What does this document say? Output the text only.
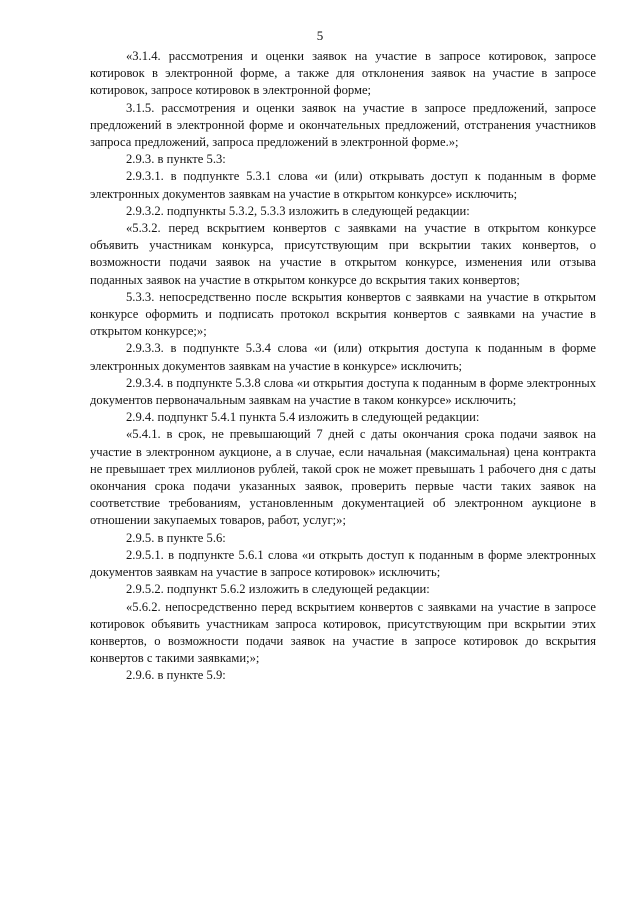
5

«3.1.4. рассмотрения и оценки заявок на участие в запросе котировок, запросе котировок в электронной форме, а также для отклонения заявок на участие в запросе котировок, запросе котировок в электронной форме;

3.1.5. рассмотрения и оценки заявок на участие в запросе предложений, запросе предложений в электронной форме и окончательных предложений, отстранения участников запроса предложений, запроса предложений в электронной форме.»;

2.9.3. в пункте 5.3:

2.9.3.1. в подпункте 5.3.1 слова «и (или) открывать доступ к поданным в форме электронных документов заявкам на участие в открытом конкурсе» исключить;

2.9.3.2. подпункты 5.3.2, 5.3.3 изложить в следующей редакции:

«5.3.2. перед вскрытием конвертов с заявками на участие в открытом конкурсе объявить участникам конкурса, присутствующим при вскрытии таких конвертов, о возможности подачи заявок на участие в открытом конкурсе, изменения или отзыва поданных заявок на участие в открытом конкурсе до вскрытия таких конвертов;

5.3.3. непосредственно после вскрытия конвертов с заявками на участие в открытом конкурсе оформить и подписать протокол вскрытия конвертов с заявками на участие в открытом конкурсе;»;

2.9.3.3. в подпункте 5.3.4 слова «и (или) открытия доступа к поданным в форме электронных документов заявкам на участие в конкурсе» исключить;

2.9.3.4. в подпункте 5.3.8 слова «и открытия доступа к поданным в форме электронных документов первоначальным заявкам на участие в таком конкурсе» исключить;

2.9.4. подпункт 5.4.1 пункта 5.4 изложить в следующей редакции:

«5.4.1. в срок, не превышающий 7 дней с даты окончания срока подачи заявок на участие в электронном аукционе, а в случае, если начальная (максимальная) цена контракта не превышает трех миллионов рублей, такой срок не может превышать 1 рабочего дня с даты окончания срока подачи указанных заявок, проверить первые части таких заявок на соответствие требованиям, установленным документацией об электронном аукционе в отношении закупаемых товаров, работ, услуг;»;

2.9.5. в пункте 5.6:

2.9.5.1. в подпункте 5.6.1 слова «и открыть доступ к поданным в форме электронных документов заявкам на участие в запросе котировок» исключить;

2.9.5.2. подпункт 5.6.2 изложить в следующей редакции:

«5.6.2. непосредственно перед вскрытием конвертов с заявками на участие в запросе котировок объявить участникам запроса котировок, присутствующим при вскрытии этих конвертов, о возможности подачи заявок на участие в запросе котировок до вскрытия конвертов с такими заявками;»;

2.9.6. в пункте 5.9:
